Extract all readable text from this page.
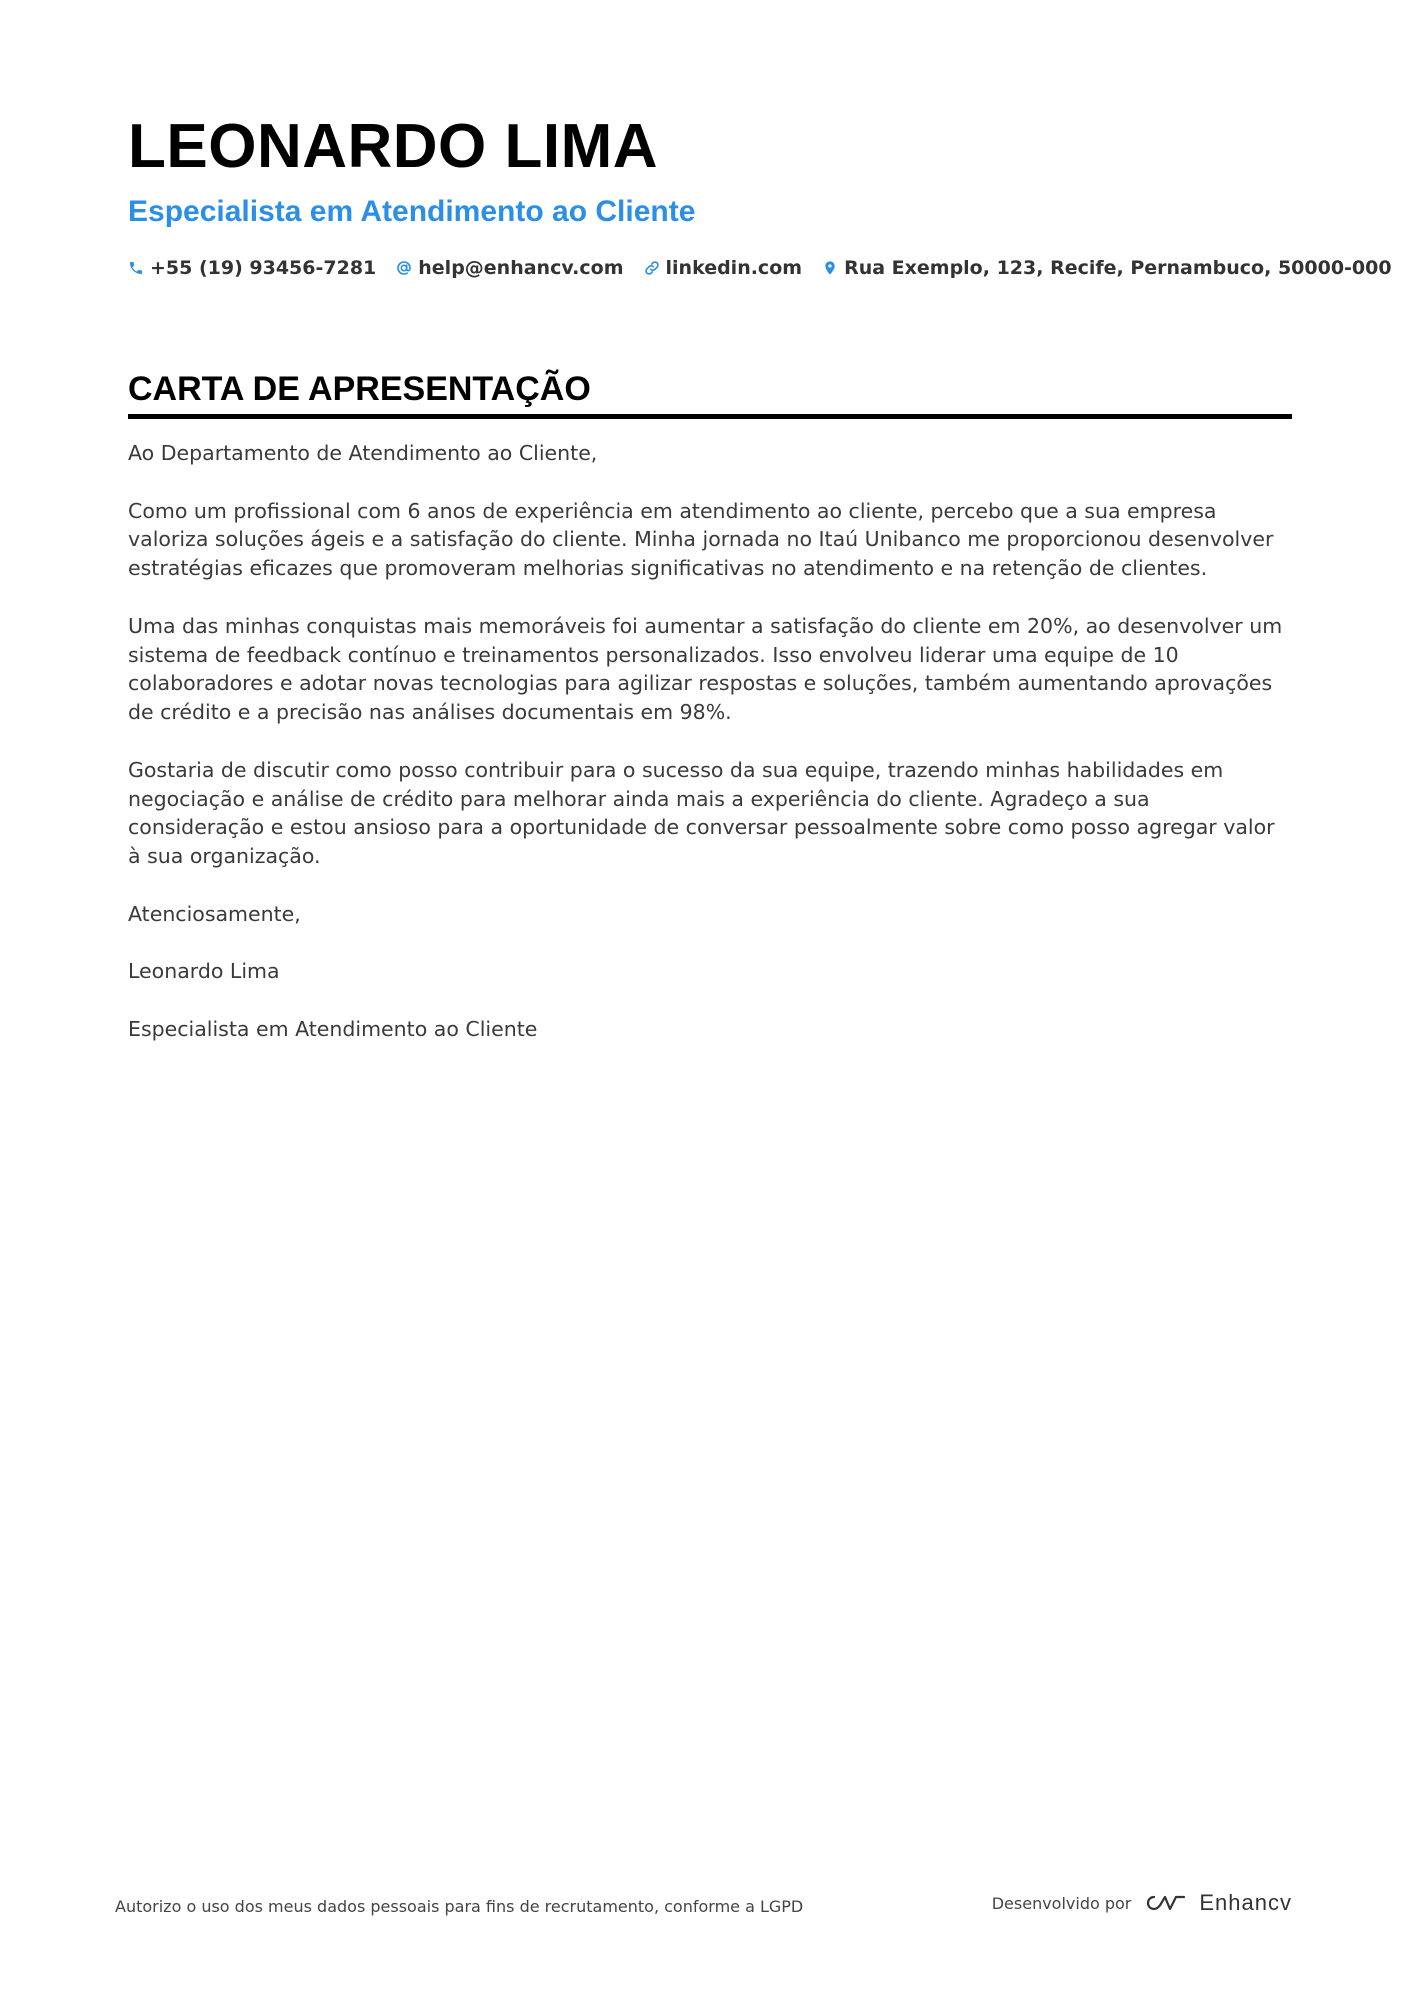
LEONARDO LIMA
Especialista em Atendimento ao Cliente
+55 (19) 93456-7281 help@enhancv.com linkedin.com Rua Exemplo, 123, Recife, Pernambuco, 50000-000
CARTA DE APRESENTAÇÃO

Ao Departamento de Atendimento ao Cliente,

Como um profissional com 6 anos de experiência em atendimento ao cliente, percebo que a sua empresa valoriza soluções ágeis e a satisfação do cliente. Minha jornada no Itaú Unibanco me proporcionou desenvolver estratégias eficazes que promoveram melhorias significativas no atendimento e na retenção de clientes.

Uma das minhas conquistas mais memoráveis foi aumentar a satisfação do cliente em 20%, ao desenvolver um sistema de feedback contínuo e treinamentos personalizados. Isso envolveu liderar uma equipe de 10 colaboradores e adotar novas tecnologias para agilizar respostas e soluções, também aumentando aprovações de crédito e a precisão nas análises documentais em 98%.

Gostaria de discutir como posso contribuir para o sucesso da sua equipe, trazendo minhas habilidades em negociação e análise de crédito para melhorar ainda mais a experiência do cliente. Agradeço a sua consideração e estou ansioso para a oportunidade de conversar pessoalmente sobre como posso agregar valor à sua organização.

Atenciosamente,

Leonardo Lima

Especialista em Atendimento ao Cliente

Autorizo o uso dos meus dados pessoais para fins de recrutamento, conforme a LGPD	Desenvolvido por	Enhancv
